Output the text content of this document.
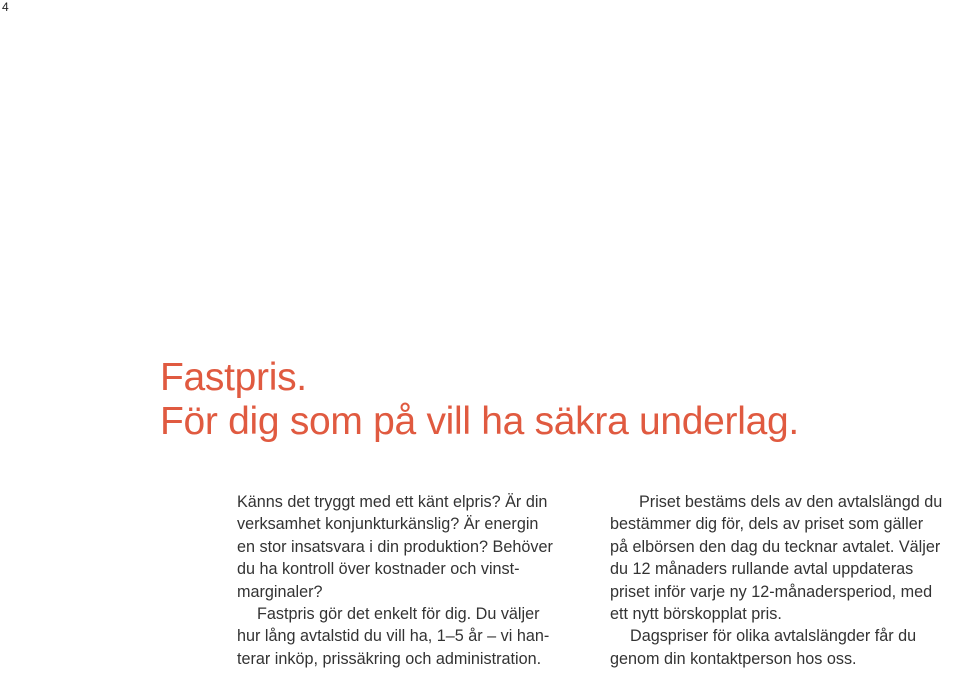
4
Fastpris.
För dig som på vill ha säkra underlag.

Känns det tryggt med ett känt elpris? Är din
verksamhet konjunkturkänslig? Är energin
en stor insatsvara i din produktion? Behöver
du ha kontroll över kostnader och vinst-
marginaler?

Fastpris gör det enkelt för dig. Du väljer
hur lång avtalstid du vill ha, 1–5 år – vi han-
terar inköp, prissäkring och administration.

Priset bestäms dels av den avtalslängd du
bestämmer dig för, dels av priset som gäller
på elbörsen den dag du tecknar avtalet. Väljer
du 12 månaders rullande avtal uppdateras
priset inför varje ny 12-månadersperiod, med
ett nytt börskopplat pris.

Dagspriser för olika avtalslängder får du
genom din kontaktperson hos oss.
